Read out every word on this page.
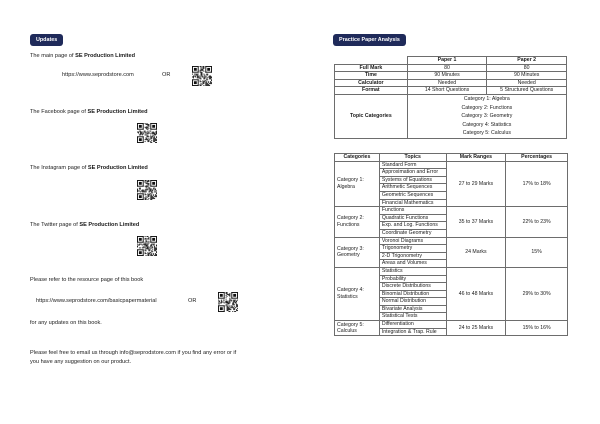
Updates
The main page of SE Production Limited
https://www.seprodstore.com	OR
The Facebook page of SE Production Limited
The Instagram page of SE Production Limited
The Twitter page of SE Production Limited
Please refer to the resource page of this book
https://www.seprodstore.com/basicpapermaterial	OR
for any updates on this book.
Please feel free to email us through info@seprodstore.com if you find any error or if
you have any suggestion on our product.
Practice Paper Analysis
	Paper 1	Paper 2
Full Mark	80	80
Time	90 Minutes	90 Minutes
Calculator	Needed	Needed
Format	14 Short Questions	5 Structured Questions
Topic Categories	Category 1: Algebra
Category 2: Functions
Category 3: Geometry
Category 4: Statistics
Category 5: Calculus	
Categories	Topics	Mark Ranges	Percentages

Category 1:
Algebra	Standard Form	27 to 29 Marks	17% to 18%
	Approximation and Error		
	Systems of Equations		
	Arithmetic Sequences		
	Geometric Sequences		
	Financial Mathematics		

Category 2:
Functions	Functions	35 to 37 Marks	22% to 23%
	Quadratic Functions		
	Exp. and Log. Functions		
	Coordinate Geometry		

Category 3:
Geometry	Voronoi Diagrams	24 Marks	15%
	Trigonometry		
	2-D Trigonometry		
	Areas and Volumes		

Category 4:
Statistics	Statistics	46 to 48 Marks	29% to 30%
	Probability		
	Discrete Distributions		
	Binomial Distribution		
	Normal Distribution		
	Bivariate Analysis		
	Statistical Tests		

Category 5:
Calculus	Differentiation	24 to 25 Marks	15% to 16%
	Integration & Trap. Rule		
